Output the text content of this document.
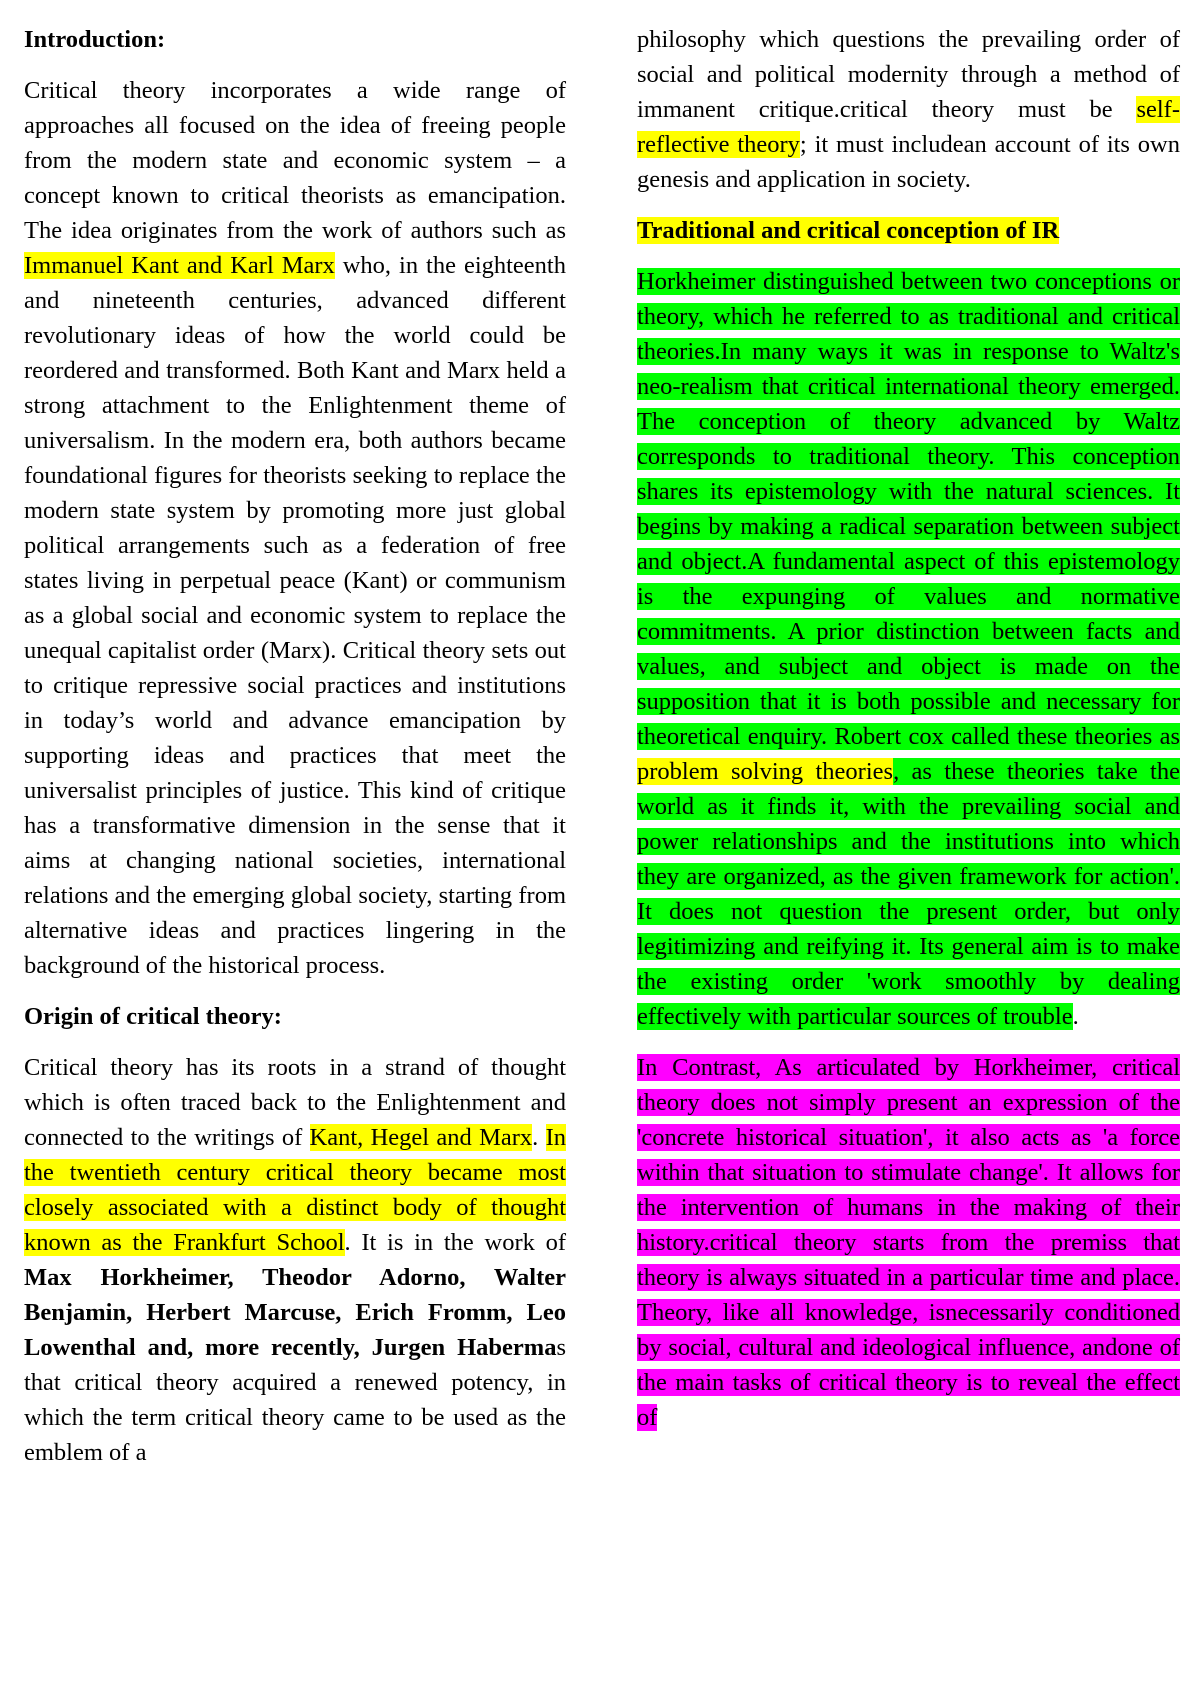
Introduction:
Critical theory incorporates a wide range of approaches all focused on the idea of freeing people from the modern state and economic system – a concept known to critical theorists as emancipation. The idea originates from the work of authors such as Immanuel Kant and Karl Marx who, in the eighteenth and nineteenth centuries, advanced different revolutionary ideas of how the world could be reordered and transformed. Both Kant and Marx held a strong attachment to the Enlightenment theme of universalism. In the modern era, both authors became foundational figures for theorists seeking to replace the modern state system by promoting more just global political arrangements such as a federation of free states living in perpetual peace (Kant) or communism as a global social and economic system to replace the unequal capitalist order (Marx). Critical theory sets out to critique repressive social practices and institutions in today’s world and advance emancipation by supporting ideas and practices that meet the universalist principles of justice. This kind of critique has a transformative dimension in the sense that it aims at changing national societies, international relations and the emerging global society, starting from alternative ideas and practices lingering in the background of the historical process.
Origin of critical theory:
Critical theory has its roots in a strand of thought which is often traced back to the Enlightenment and connected to the writings of Kant, Hegel and Marx. In the twentieth century critical theory became most closely associated with a distinct body of thought known as the Frankfurt School. It is in the work of Max Horkheimer, Theodor Adorno, Walter Benjamin, Herbert Marcuse, Erich Fromm, Leo Lowenthal and, more recently, Jurgen Habermas that critical theory acquired a renewed potency, in which the term critical theory came to be used as the emblem of a
philosophy which questions the prevailing order of social and political modernity through a method of immanent critique.critical theory must be self-reflective theory; it must includean account of its own genesis and application in society.
Traditional and critical conception of IR
Horkheimer distinguished between two conceptions or theory, which he referred to as traditional and critical theories.In many ways it was in response to Waltz's neo-realism that critical international theory emerged. The conception of theory advanced by Waltz corresponds to traditional theory. This conception shares its epistemology with the natural sciences. It begins by making a radical separation between subject and object.A fundamental aspect of this epistemology is the expunging of values and normative commitments. A prior distinction between facts and values, and subject and object is made on the supposition that it is both possible and necessary for theoretical enquiry. Robert cox called these theories as problem solving theories, as these theories take the world as it finds it, with the prevailing social and power relationships and the institutions into which they are organized, as the given framework for action'. It does not question the present order, but only legitimizing and reifying it. Its general aim is to make the existing order 'work smoothly by dealing effectively with particular sources of trouble.
In Contrast, As articulated by Horkheimer, critical theory does not simply present an expression of the 'concrete historical situation', it also acts as 'a force within that situation to stimulate change'. It allows for the intervention of humans in the making of their history.critical theory starts from the premiss that theory is always situated in a particular time and place. Theory, like all knowledge, isnecessarily conditioned by social, cultural and ideological influence, andone of the main tasks of critical theory is to reveal the effect of
